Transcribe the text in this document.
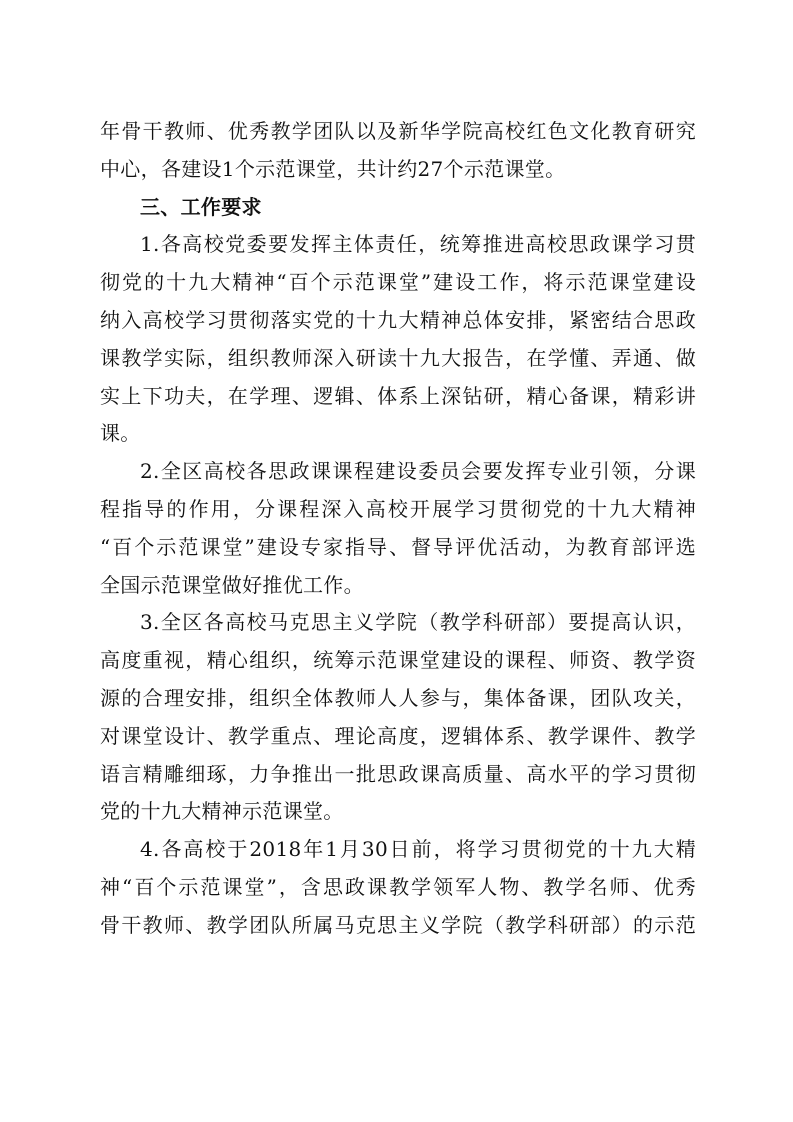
年骨干教师、优秀教学团队以及新华学院高校红色文化教育研究
中心，各建设1个示范课堂，共计约27个示范课堂。
三、工作要求
1.各高校党委要发挥主体责任，统筹推进高校思政课学习贯
彻党的十九大精神“百个示范课堂”建设工作，将示范课堂建设
纳入高校学习贯彻落实党的十九大精神总体安排，紧密结合思政
课教学实际，组织教师深入研读十九大报告，在学懂、弄通、做
实上下功夫，在学理、逻辑、体系上深钻研，精心备课，精彩讲
课。
2.全区高校各思政课课程建设委员会要发挥专业引领，分课
程指导的作用，分课程深入高校开展学习贯彻党的十九大精神
“百个示范课堂”建设专家指导、督导评优活动，为教育部评选
全国示范课堂做好推优工作。
3.全区各高校马克思主义学院（教学科研部）要提高认识，
高度重视，精心组织，统筹示范课堂建设的课程、师资、教学资
源的合理安排，组织全体教师人人参与，集体备课，团队攻关，
对课堂设计、教学重点、理论高度，逻辑体系、教学课件、教学
语言精雕细琢，力争推出一批思政课高质量、高水平的学习贯彻
党的十九大精神示范课堂。
4.各高校于2018年1月30日前，将学习贯彻党的十九大精
神“百个示范课堂”，含思政课教学领军人物、教学名师、优秀
骨干教师、教学团队所属马克思主义学院（教学科研部）的示范
